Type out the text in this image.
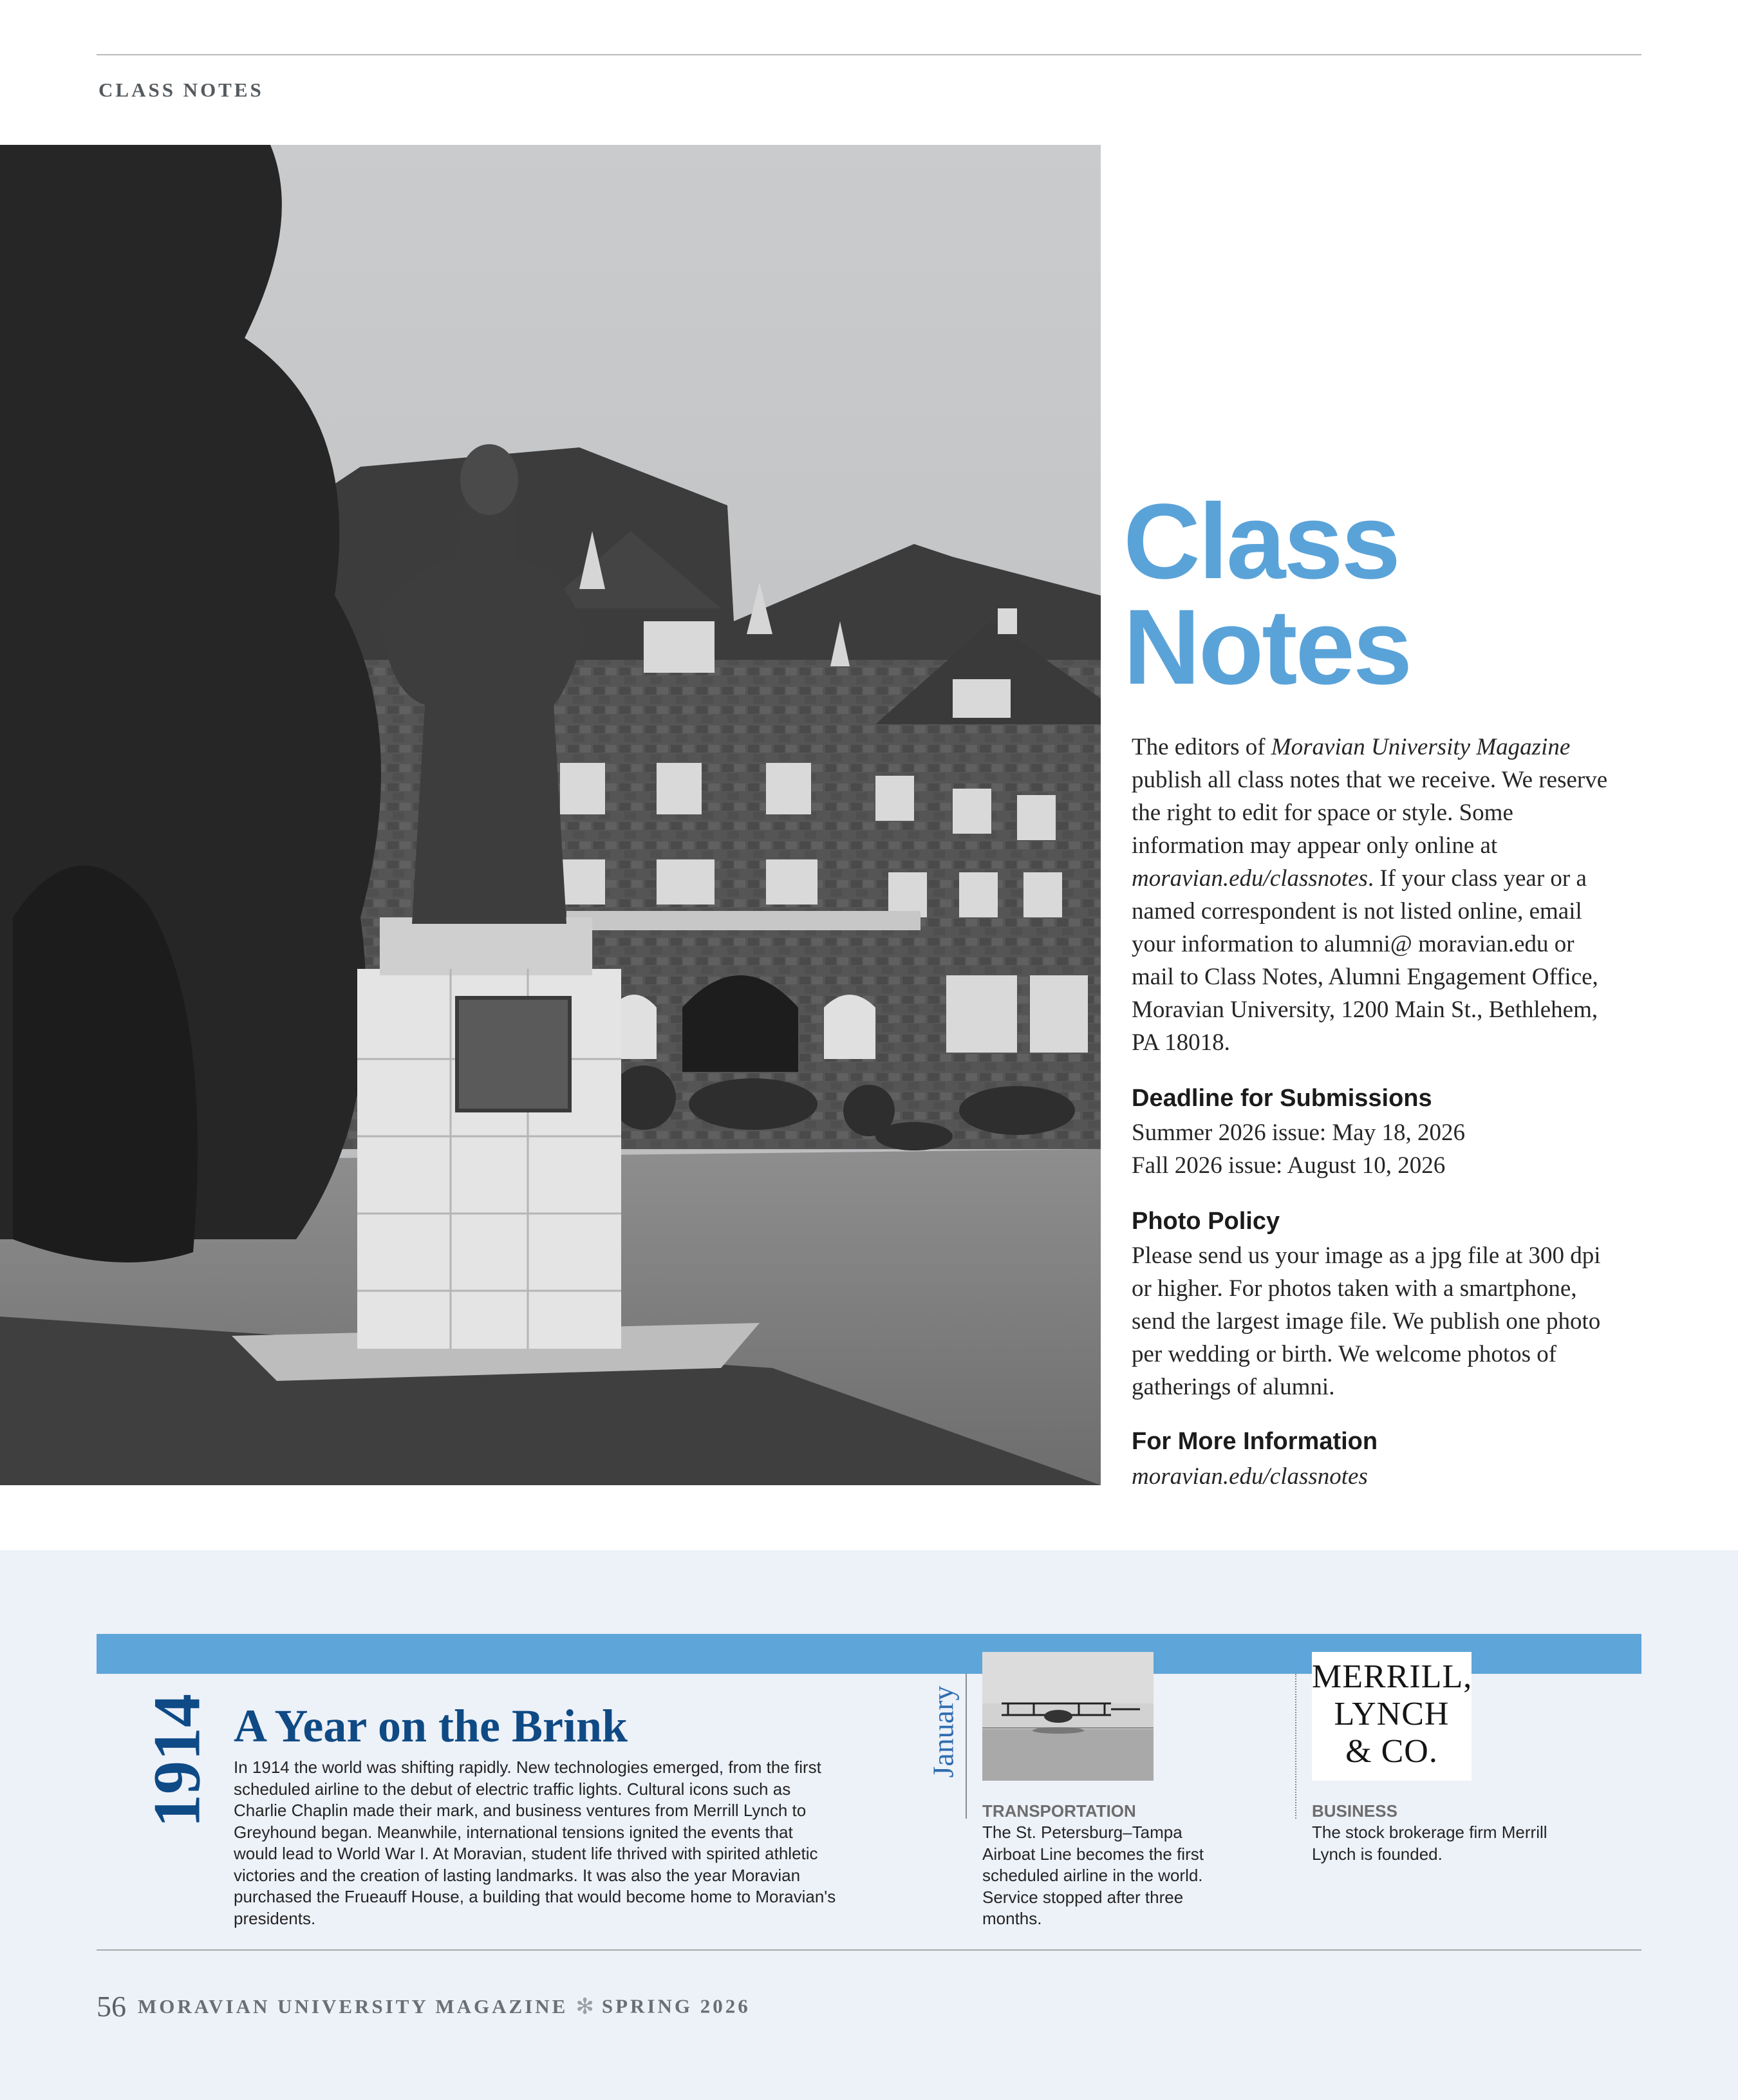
CLASS NOTES
Class
Notes
The editors of Moravian University Magazine publish all class notes that we receive. We reserve the right to edit for space or style. Some information may appear only online at moravian.edu/classnotes. If your class year or a named correspondent is not listed online, email your information to alumni@ moravian.edu or mail to Class Notes, Alumni Engagement Office, Moravian University, 1200 Main St., Bethlehem, PA 18018.
Deadline for Submissions
Summer 2026 issue: May 18, 2026
Fall 2026 issue: August 10, 2026
Photo Policy
Please send us your image as a jpg file at 300 dpi or higher. For photos taken with a smartphone, send the largest image file. We publish one photo per wedding or birth. We welcome photos of gatherings of alumni.
For More Information
moravian.edu/classnotes
1914 A Year on the Brink
In 1914 the world was shifting rapidly. New technologies emerged, from the first scheduled airline to the debut of electric traffic lights. Cultural icons such as Charlie Chaplin made their mark, and business ventures from Merrill Lynch to Greyhound began. Meanwhile, international tensions ignited the events that would lead to World War I. At Moravian, student life thrived with spirited athletic victories and the creation of lasting landmarks. It was also the year Moravian purchased the Frueauff House, a building that would become home to Moravian's presidents.
January
TRANSPORTATION
The St. Petersburg–Tampa Airboat Line becomes the first scheduled airline in the world. Service stopped after three months.
MERRILL,
LYNCH
& CO.
BUSINESS
The stock brokerage firm Merrill Lynch is founded.
56 MORAVIAN UNIVERSITY MAGAZINE ✻ SPRING 2026
